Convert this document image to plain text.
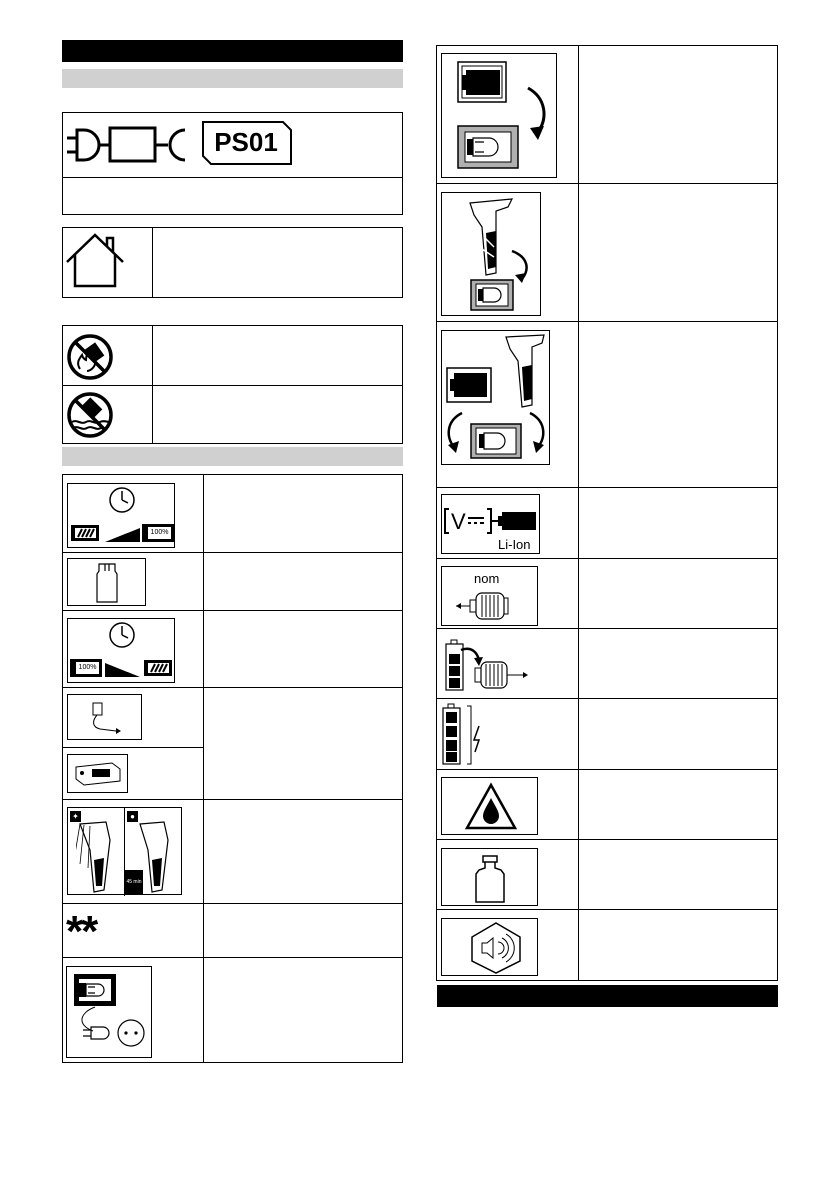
PS01
100%
100%
✦	●
45 min
**
V
Li-Ion
nom
